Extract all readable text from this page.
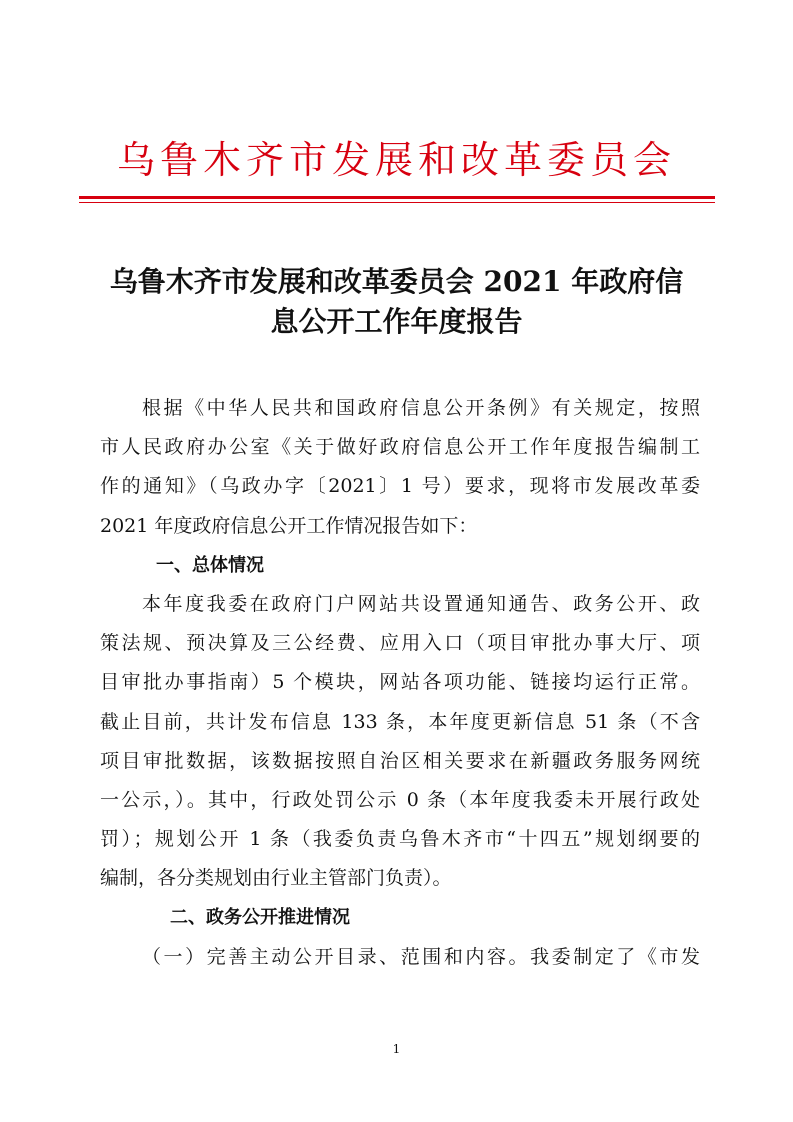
乌鲁木齐市发展和改革委员会
乌鲁木齐市发展和改革委员会 2021 年政府信
息公开工作年度报告
根据《中华人民共和国政府信息公开条例》有关规定，按照
市人民政府办公室《关于做好政府信息公开工作年度报告编制工
作的通知》（乌政办字〔2021〕1 号）要求，现将市发展改革委
2021 年度政府信息公开工作情况报告如下：
一、总体情况
本年度我委在政府门户网站共设置通知通告、政务公开、政
策法规、预决算及三公经费、应用入口（项目审批办事大厅、项
目审批办事指南）5 个模块，网站各项功能、链接均运行正常。
截止目前，共计发布信息 133 条，本年度更新信息 51 条（不含
项目审批数据，该数据按照自治区相关要求在新疆政务服务网统
一公示，）。其中，行政处罚公示 0 条（本年度我委未开展行政处
罚）；规划公开 1 条（我委负责乌鲁木齐市“十四五”规划纲要的
编制，各分类规划由行业主管部门负责）。
二、政务公开推进情况
（一）完善主动公开目录、范围和内容。我委制定了《市发
1
